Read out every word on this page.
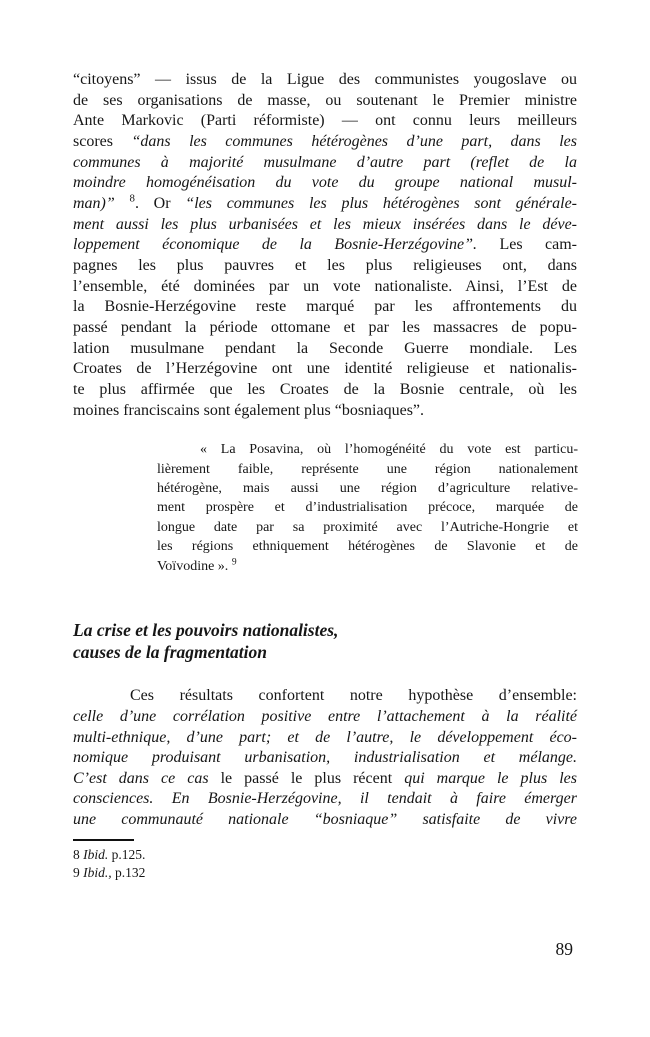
“citoyens” — issus de la Ligue des communistes yougoslave ou
de ses organisations de masse, ou soutenant le Premier ministre
Ante Markovic (Parti réformiste) — ont connu leurs meilleurs
scores “dans les communes hétérogènes d’une part, dans les
communes à majorité musulmane d’autre part (reflet de la
moindre homogénéisation du vote du groupe national musul-
man)” $^8$. Or “les communes les plus hétérogènes sont générale-
ment aussi les plus urbanisées et les mieux insérées dans le déve-
loppement économique de la Bosnie-Herzégovine”. Les cam-
pagnes les plus pauvres et les plus religieuses ont, dans
l’ensemble, été dominées par un vote nationaliste. Ainsi, l’Est de
la Bosnie-Herzégovine reste marqué par les affrontements du
passé pendant la période ottomane et par les massacres de popu-
lation musulmane pendant la Seconde Guerre mondiale. Les
Croates de l’Herzégovine ont une identité religieuse et nationalis-
te plus affirmée que les Croates de la Bosnie centrale, où les
moines franciscains sont également plus “bosniaques”.
« La Posavina, où l’homogénéité du vote est particu-
lièrement faible, représente une région nationalement
hétérogène, mais aussi une région d’agriculture relative-
ment prospère et d’industrialisation précoce, marquée de
longue date par sa proximité avec l’Autriche-Hongrie et
les régions ethniquement hétérogènes de Slavonie et de
Voïvodine ». $^9$
La crise et les pouvoirs nationalistes,
causes de la fragmentation
Ces résultats confortent notre hypothèse d’ensemble:
celle d’une corrélation positive entre l’attachement à la réalité
multi-ethnique, d’une part; et de l’autre, le développement éco-
nomique produisant urbanisation, industrialisation et mélange.
C’est dans ce cas le passé le plus récent qui marque le plus les
consciences. En Bosnie-Herzégovine, il tendait à faire émerger
une communauté nationale “bosniaque” satisfaite de vivre
8 Ibid. p.125.
9 Ibid., p.132
89
